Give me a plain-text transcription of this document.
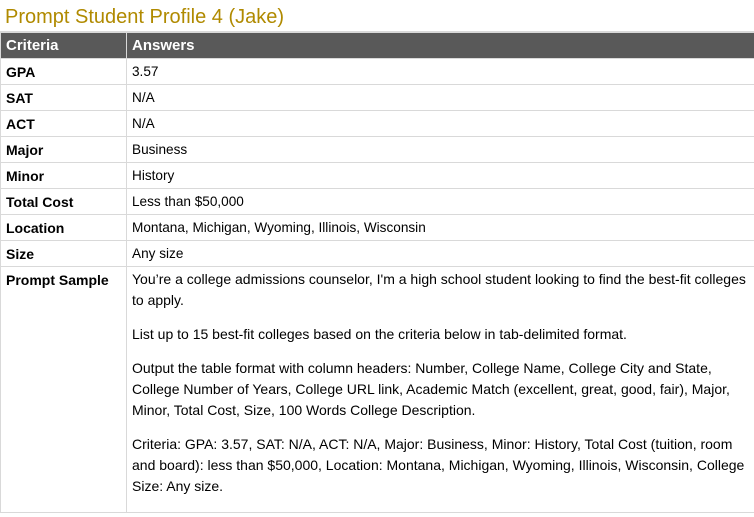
Prompt Student Profile 4 (Jake)
Criteria	Answers
GPA	3.57
SAT	N/A
ACT	N/A
Major	Business
Minor	History
Total Cost	Less than $50,000
Location	Montana, Michigan, Wyoming, Illinois, Wisconsin
Size	Any size
Prompt Sample	You’re a college admissions counselor, I'm a high school student looking to find the best-fit colleges to apply.

List up to 15 best-fit colleges based on the criteria below in tab-delimited format.

Output the table format with column headers: Number, College Name, College City and State, College Number of Years, College URL link, Academic Match (excellent, great, good, fair), Major, Minor, Total Cost, Size, 100 Words College Description.

Criteria: GPA: 3.57, SAT: N/A, ACT: N/A, Major: Business, Minor: History, Total Cost (tuition, room and board): less than $50,000, Location: Montana, Michigan, Wyoming, Illinois, Wisconsin, College Size: Any size.
